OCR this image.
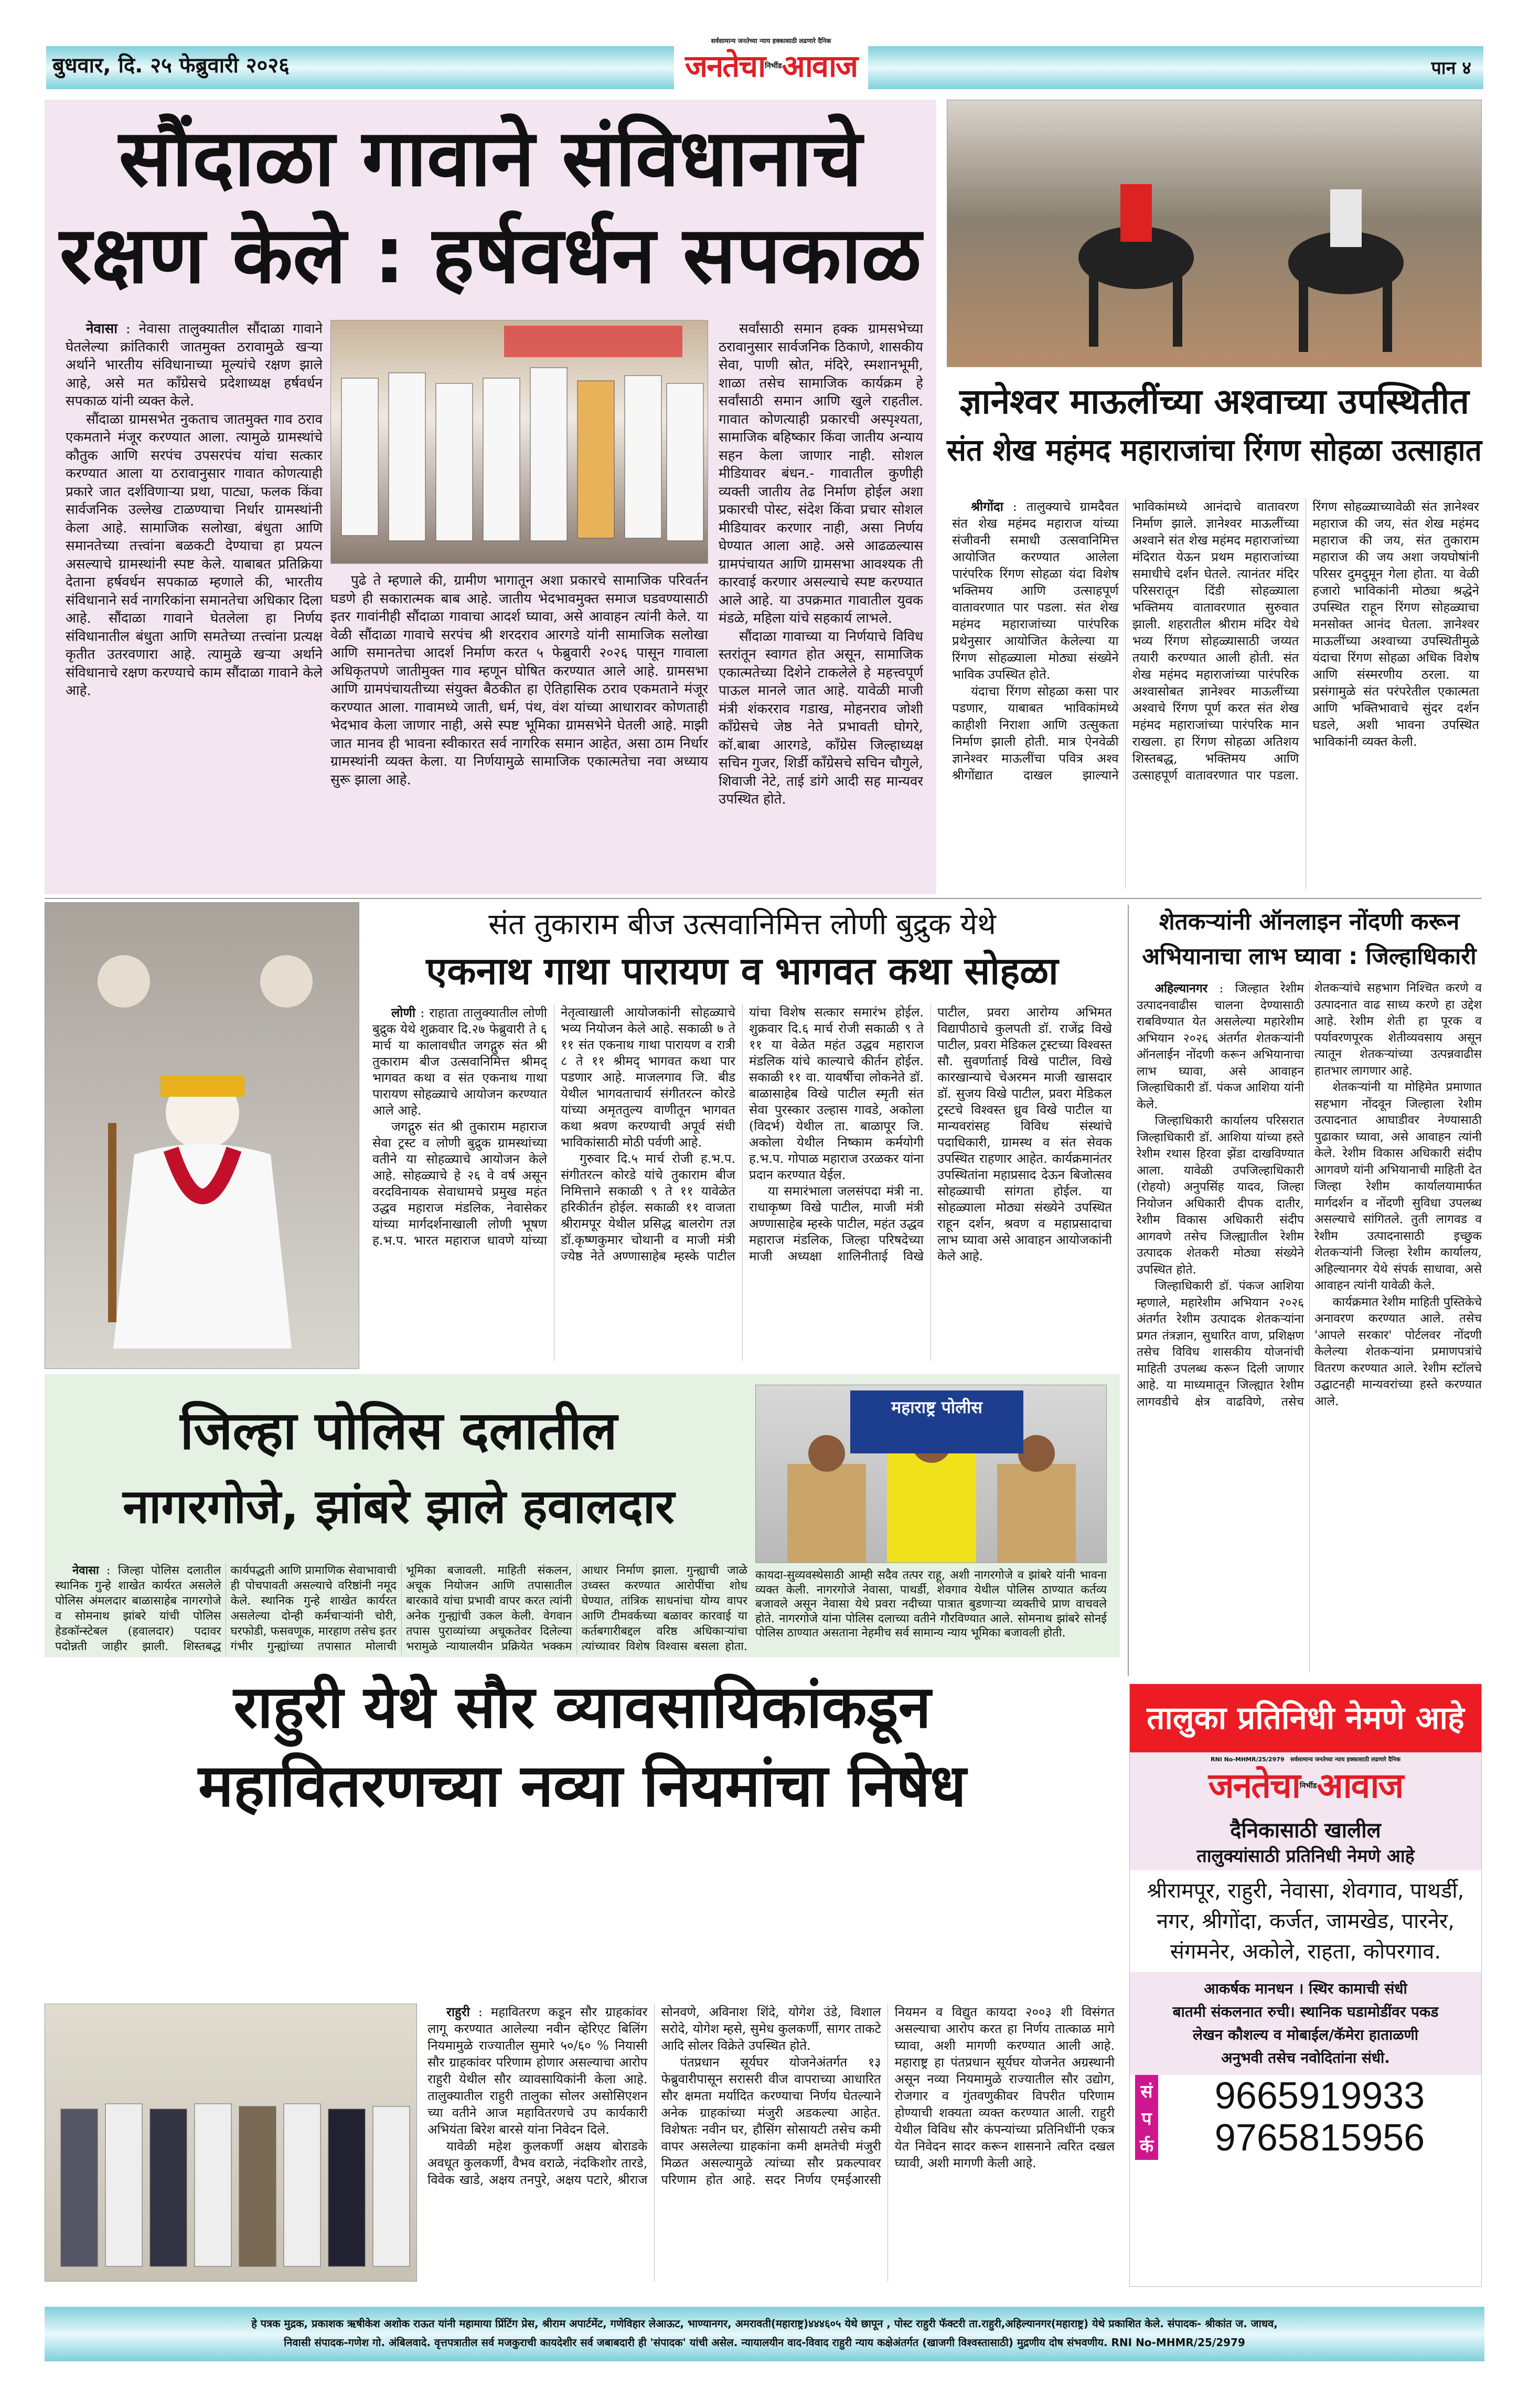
बुधवार, दि. २५ फेब्रुवारी २०२६	पान ४
सर्वसामान्य जनतेच्या न्याय हक्कासाठी लढणारे दैनिक
जनतेचानिर्भीडआवाज
सौंदाळा गावाने संविधानाचे
रक्षण केले : हर्षवर्धन सपकाळ

नेवासा : नेवासा तालुक्यातील सौंदाळा गावाने घेतलेल्या क्रांतिकारी जातमुक्त ठरावामुळे खऱ्या अर्थाने भारतीय संविधानाच्या मूल्यांचे रक्षण झाले आहे, असे मत काँग्रेसचे प्रदेशाध्यक्ष हर्षवर्धन सपकाळ यांनी व्यक्त केले.

सौंदाळा ग्रामसभेत नुकताच जातमुक्त गाव ठराव एकमताने मंजूर करण्यात आला. त्यामुळे ग्रामस्थांचे कौतुक आणि सरपंच उपसरपंच यांचा सत्कार करण्यात आला या ठरावानुसार गावात कोणत्याही प्रकारे जात दर्शविणाऱ्या प्रथा, पाट्या, फलक किंवा सार्वजनिक उल्लेख टाळण्याचा निर्धार ग्रामस्थांनी केला आहे. सामाजिक सलोखा, बंधुता आणि समानतेच्या तत्त्वांना बळकटी देण्याचा हा प्रयत्न असल्याचे ग्रामस्थांनी स्पष्ट केले. याबाबत प्रतिक्रिया देताना हर्षवर्धन सपकाळ म्हणाले की, भारतीय संविधानाने सर्व नागरिकांना समानतेचा अधिकार दिला आहे. सौंदाळा गावाने घेतलेला हा निर्णय संविधानातील बंधुता आणि समतेच्या तत्त्वांना प्रत्यक्ष कृतीत उतरवणारा आहे. त्यामुळे खऱ्या अर्थाने संविधानाचे रक्षण करण्याचे काम सौंदाळा गावाने केले आहे.

पुढे ते म्हणाले की, ग्रामीण भागातून अशा प्रकारचे सामाजिक परिवर्तन घडणे ही सकारात्मक बाब आहे. जातीय भेदभावमुक्त समाज घडवण्यासाठी इतर गावांनीही सौंदाळा गावाचा आदर्श घ्यावा, असे आवाहन त्यांनी केले. या वेळी सौंदाळा गावाचे सरपंच श्री शरदराव आरगडे यांनी सामाजिक सलोखा आणि समानतेचा आदर्श निर्माण करत ५ फेब्रुवारी २०२६ पासून गावाला अधिकृतपणे जातीमुक्त गाव म्हणून घोषित करण्यात आले आहे. ग्रामसभा आणि ग्रामपंचायतीच्या संयुक्त बैठकीत हा ऐतिहासिक ठराव एकमताने मंजूर करण्यात आला. गावामध्ये जाती, धर्म, पंथ, वंश यांच्या आधारावर कोणताही भेदभाव केला जाणार नाही, असे स्पष्ट भूमिका ग्रामसभेने घेतली आहे. माझी जात मानव ही भावना स्वीकारत सर्व नागरिक समान आहेत, असा ठाम निर्धार ग्रामस्थांनी व्यक्त केला. या निर्णयामुळे सामाजिक एकात्मतेचा नवा अध्याय सुरू झाला आहे.

सर्वांसाठी समान हक्क ग्रामसभेच्या ठरावानुसार सार्वजनिक ठिकाणे, शासकीय सेवा, पाणी स्रोत, मंदिरे, स्मशानभूमी, शाळा तसेच सामाजिक कार्यक्रम हे सर्वांसाठी समान आणि खुले राहतील. गावात कोणत्याही प्रकारची अस्पृश्यता, सामाजिक बहिष्कार किंवा जातीय अन्याय सहन केला जाणार नाही. सोशल मीडियावर बंधन.- गावातील कुणीही व्यक्ती जातीय तेढ निर्माण होईल अशा प्रकारची पोस्ट, संदेश किंवा प्रचार सोशल मीडियावर करणार नाही, असा निर्णय घेण्यात आला आहे. असे आढळल्यास ग्रामपंचायत आणि ग्रामसभा आवश्यक ती कारवाई करणार असल्याचे स्पष्ट करण्यात आले आहे. या उपक्रमात गावातील युवक मंडळे, महिला यांचे सहकार्य लाभले.

सौंदाळा गावाच्या या निर्णयाचे विविध स्तरांतून स्वागत होत असून, सामाजिक एकात्मतेच्या दिशेने टाकलेले हे महत्त्वपूर्ण पाऊल मानले जात आहे. यावेळी माजी मंत्री शंकरराव गडाख, मोहनराव जोशी काँग्रेसचे जेष्ठ नेते प्रभावती घोगरे, कॉ.बाबा आरगडे, काँग्रेस जिल्हाध्यक्ष सचिन गुजर, शिर्डी काँग्रेसचे सचिन चौगुले, शिवाजी नेटे, ताई डांगे आदी सह मान्यवर उपस्थित होते.

ज्ञानेश्वर माऊलींच्या अश्वाच्या उपस्थितीत
संत शेख महंमद महाराजांचा रिंगण सोहळा उत्साहात

श्रीगोंदा : तालुक्याचे ग्रामदैवत संत शेख महंमद महाराज यांच्या संजीवनी समाधी उत्सवानिमित्त आयोजित करण्यात आलेला पारंपरिक रिंगण सोहळा यंदा विशेष भक्तिमय आणि उत्साहपूर्ण वातावरणात पार पडला. संत शेख महंमद महाराजांच्या पारंपरिक प्रथेनुसार आयोजित केलेल्या या रिंगण सोहळ्याला मोठ्या संख्येने भाविक उपस्थित होते.

यंदाचा रिंगण सोहळा कसा पार पडणार, याबाबत भाविकांमध्ये काहीशी निराशा आणि उत्सुकता निर्माण झाली होती. मात्र ऐनवेळी ज्ञानेश्वर माऊलींचा पवित्र अश्व श्रीगोंद्यात दाखल झाल्याने भाविकांमध्ये आनंदाचे वातावरण निर्माण झाले. ज्ञानेश्वर माऊलींच्या अश्वाने संत शेख महंमद महाराजांच्या मंदिरात येऊन प्रथम महाराजांच्या समाधीचे दर्शन घेतले. त्यानंतर मंदिर परिसरातून दिंडी सोहळ्याला भक्तिमय वातावरणात सुरुवात झाली. शहरातील श्रीराम मंदिर येथे भव्य रिंगण सोहळ्यासाठी जय्यत तयारी करण्यात आली होती. संत शेख महंमद महाराजांच्या पारंपरिक अश्वासोबत ज्ञानेश्वर माऊलींच्या अश्वाचे रिंगण पूर्ण करत संत शेख महंमद महाराजांच्या पारंपरिक मान राखला. हा रिंगण सोहळा अतिशय शिस्तबद्ध, भक्तिमय आणि उत्साहपूर्ण वातावरणात पार पडला. रिंगण सोहळ्याच्यावेळी संत ज्ञानेश्वर महाराज की जय, संत शेख महंमद महाराज की जय, संत तुकाराम महाराज की जय अशा जयघोषांनी परिसर दुमदुमून गेला होता. या वेळी हजारो भाविकांनी मोठ्या श्रद्धेने उपस्थित राहून रिंगण सोहळ्याचा मनसोक्त आनंद घेतला. ज्ञानेश्वर माऊलींच्या अश्वाच्या उपस्थितीमुळे यंदाचा रिंगण सोहळा अधिक विशेष आणि संस्मरणीय ठरला. या प्रसंगामुळे संत परंपरेतील एकात्मता आणि भक्तिभावाचे सुंदर दर्शन घडले, अशी भावना उपस्थित भाविकांनी व्यक्त केली.

संत तुकाराम बीज उत्सवानिमित्त लोणी बुद्रुक येथे
एकनाथ गाथा पारायण व भागवत कथा सोहळा

लोणी : राहाता तालुक्यातील लोणी बुद्रुक येथे शुक्रवार दि.२७ फेब्रुवारी ते ६ मार्च या कालावधीत जगद्गुरु संत श्री तुकाराम बीज उत्सवानिमित्त श्रीमद् भागवत कथा व संत एकनाथ गाथा पारायण सोहळ्याचे आयोजन करण्यात आले आहे.

जगद्गुरु संत श्री तुकाराम महाराज सेवा ट्रस्ट व लोणी बुद्रुक ग्रामस्थांच्या वतीने या सोहळ्याचे आयोजन केले आहे. सोहळ्याचे हे २६ वे वर्ष असून वरदविनायक सेवाधामचे प्रमुख महंत उद्धव महाराज मंडलिक, नेवासेकर यांच्या मार्गदर्शनाखाली लोणी भूषण ह.भ.प. भारत महाराज धावणे यांच्या नेतृत्वाखाली आयोजकांनी सोहळ्याचे भव्य नियोजन केले आहे. सकाळी ७ ते ११ संत एकनाथ गाथा पारायण व रात्री ८ ते ११ श्रीमद् भागवत कथा पार पडणार आहे. माजलगाव जि. बीड येथील भागवताचार्य संगीतरत्न कोरडे यांच्या अमृततुल्य वाणीतून भागवत कथा श्रवण करण्याची अपूर्व संधी भाविकांसाठी मोठी पर्वणी आहे.

गुरुवार दि.५ मार्च रोजी ह.भ.प. संगीतरत्न कोरडे यांचे तुकाराम बीज निमित्ताने सकाळी ९ ते ११ यावेळेत हरिकीर्तन होईल. सकाळी ११ वाजता श्रीरामपूर येथील प्रसिद्ध बालरोग तज्ञ डॉ.कृष्णकुमार चोथानी व माजी मंत्री ज्येष्ठ नेते अण्णासाहेब म्हस्के पाटील यांचा विशेष सत्कार समारंभ होईल. शुक्रवार दि.६ मार्च रोजी सकाळी ९ ते ११ या वेळेत महंत उद्धव महाराज मंडलिक यांचे काल्याचे कीर्तन होईल. सकाळी ११ वा. यावर्षीचा लोकनेते डॉ. बाळासाहेब विखे पाटील स्मृती संत सेवा पुरस्कार उल्हास गावडे, अकोला (विदर्भ) येथील ता. बाळापूर जि. अकोला येथील निष्काम कर्मयोगी ह.भ.प. गोपाळ महाराज उरळकर यांना प्रदान करण्यात येईल.

या समारंभाला जलसंपदा मंत्री ना. राधाकृष्ण विखे पाटील, माजी मंत्री अण्णासाहेब म्हस्के पाटील, महंत उद्धव महाराज मंडलिक, जिल्हा परिषदेच्या माजी अध्यक्षा शालिनीताई विखे पाटील, प्रवरा आरोग्य अभिमत विद्यापीठाचे कुलपती डॉ. राजेंद्र विखे पाटील, प्रवरा मेडिकल ट्रस्टच्या विश्वस्त सौ. सुवर्णाताई विखे पाटील, विखे कारखान्याचे चेअरमन माजी खासदार डॉ. सुजय विखे पाटील, प्रवरा मेडिकल ट्रस्टचे विश्वस्त ध्रुव विखे पाटील या मान्यवरांसह विविध संस्थांचे पदाधिकारी, ग्रामस्थ व संत सेवक उपस्थित राहणार आहेत. कार्यक्रमानंतर उपस्थितांना महाप्रसाद देऊन बिजोत्सव सोहळ्याची सांगता होईल. या सोहळ्याला मोठ्या संख्येने उपस्थित राहून दर्शन, श्रवण व महाप्रसादाचा लाभ घ्यावा असे आवाहन आयोजकांनी केले आहे.

शेतकऱ्यांनी ऑनलाइन नोंदणी करून
अभियानाचा लाभ घ्यावा : जिल्हाधिकारी

अहिल्यानगर : जिल्हात रेशीम उत्पादनवाढीस चालना देण्यासाठी राबविण्यात येत असलेल्या महारेशीम अभियान २०२६ अंतर्गत शेतकऱ्यांनी ऑनलाईन नोंदणी करून अभियानाचा लाभ घ्यावा, असे आवाहन जिल्हाधिकारी डॉ. पंकज आशिया यांनी केले.

जिल्हाधिकारी कार्यालय परिसरात जिल्हाधिकारी डॉ. आशिया यांच्या हस्ते रेशीम रथास हिरवा झेंडा दाखविण्यात आला. यावेळी उपजिल्हाधिकारी (रोहयो) अनुपसिंह यादव, जिल्हा नियोजन अधिकारी दीपक दातीर, रेशीम विकास अधिकारी संदीप आगवणे तसेच जिल्ह्यातील रेशीम उत्पादक शेतकरी मोठ्या संख्येने उपस्थित होते.

जिल्हाधिकारी डॉ. पंकज आशिया म्हणाले, महारेशीम अभियान २०२६ अंतर्गत रेशीम उत्पादक शेतकऱ्यांना प्रगत तंत्रज्ञान, सुधारित वाण, प्रशिक्षण तसेच विविध शासकीय योजनांची माहिती उपलब्ध करून दिली जाणार आहे. या माध्यमातून जिल्ह्यात रेशीम लागवडीचे क्षेत्र वाढविणे, तसेच शेतकऱ्यांचे सहभाग निश्चित करणे व उत्पादनात वाढ साध्य करणे हा उद्देश आहे. रेशीम शेती हा पूरक व पर्यावरणपूरक शेतीव्यवसाय असून त्यातून शेतकऱ्यांच्या उत्पन्नवाढीस हातभार लागणार आहे.

शेतकऱ्यांनी या मोहिमेत प्रमाणात सहभाग नोंदवून जिल्हाला रेशीम उत्पादनात आघाडीवर नेण्यासाठी पुढाकार घ्यावा, असे आवाहन त्यांनी केले. रेशीम विकास अधिकारी संदीप आगवणे यांनी अभियानाची माहिती देत जिल्हा रेशीम कार्यालयामार्फत मार्गदर्शन व नोंदणी सुविधा उपलब्ध असल्याचे सांगितले. तुती लागवड व रेशीम उत्पादनासाठी इच्छुक शेतकऱ्यांनी जिल्हा रेशीम कार्यालय, अहिल्यानगर येथे संपर्क साधावा, असे आवाहन त्यांनी यावेळी केले.

कार्यक्रमात रेशीम माहिती पुस्तिकेचे अनावरण करण्यात आले. तसेच 'आपले सरकार' पोर्टलवर नोंदणी केलेल्या शेतकऱ्यांना प्रमाणपत्रांचे वितरण करण्यात आले. रेशीम स्टॉलचे उद्घाटनही मान्यवरांच्या हस्ते करण्यात आले.

जिल्हा पोलिस दलातील
नागरगोजे, झांबरे झाले हवालदार
महाराष्ट्र पोलीस
कायदा-सुव्यवस्थेसाठी आम्ही सदैव तत्पर राहू, अशी नागरगोजे व झांबरे यांनी भावना व्यक्त केली. नागरगोजे नेवासा, पाथर्डी, शेवगाव येथील पोलिस ठाण्यात कर्तव्य बजावले असून नेवासा येथे प्रवरा नदीच्या पात्रात बुडणाऱ्या व्यक्तीचे प्राण वाचवले होते. नागरगोजे यांना पोलिस दलाच्या वतीने गौरविण्यात आले. सोमनाथ झांबरे सोनई पोलिस ठाण्यात असताना नेहमीच सर्व सामान्य न्याय भूमिका बजावली होती.

नेवासा : जिल्हा पोलिस दलातील स्थानिक गुन्हे शाखेत कार्यरत असलेले पोलिस अंमलदार बाळासाहेब नागरगोजे व सोमनाथ झांबरे यांची पोलिस हेडकॉन्स्टेबल (हवालदार) पदावर पदोन्नती जाहीर झाली. शिस्तबद्ध कार्यपद्धती आणि प्रामाणिक सेवाभावाची ही पोचपावती असल्याचे वरिष्ठांनी नमूद केले. स्थानिक गुन्हे शाखेत कार्यरत असलेल्या दोन्ही कर्मचाऱ्यांनी चोरी, घरफोडी, फसवणूक, मारहाण तसेच इतर गंभीर गुन्ह्यांच्या तपासात मोलाची भूमिका बजावली. माहिती संकलन, अचूक नियोजन आणि तपासातील बारकावे यांचा प्रभावी वापर करत त्यांनी अनेक गुन्ह्यांची उकल केली. वेगवान तपास पुराव्यांच्या अचूकतेवर दिलेल्या भरामुळे न्यायालयीन प्रक्रियेत भक्कम आधार निर्माण झाला. गुन्ह्याची जाळे उध्वस्त करण्यात आरोपींचा शोध घेण्यात, तांत्रिक साधनांचा योग्य वापर आणि टीमवर्कच्या बळावर कारवाई या कर्तबगारीबद्दल वरिष्ठ अधिकाऱ्यांचा त्यांच्यावर विशेष विश्वास बसला होता.

राहुरी येथे सौर व्यावसायिकांकडून
महावितरणच्या नव्या नियमांचा निषेध

राहुरी : महावितरण कडून सौर ग्राहकांवर लागू करण्यात आलेल्या नवीन व्हेरिएट बिलिंग नियमामुळे राज्यातील सुमारे ५०/६० % नियासी सौर ग्राहकांवर परिणाम होणार असल्याचा आरोप राहुरी येथील सौर व्यावसायिकांनी केला आहे. तालुक्यातील राहुरी तालुका सोलर असोसिएशन च्या वतीने आज महावितरणचे उप कार्यकारी अभियंता बिरेश बारसे यांना निवेदन दिले.

यावेळी महेश कुलकर्णी अक्षय बोराडके अवधूत कुलकर्णी, वैभव वराळे, नंदकिशोर तारडे, विवेक खाडे, अक्षय तनपुरे, अक्षय पटारे, श्रीराज सोनवणे, अविनाश शिंदे, योगेश उंडे, विशाल सरोदे, योगेश म्हसे, सुमेध कुलकर्णी, सागर ताकटे आदि सोलर विक्रेते उपस्थित होते.

पंतप्रधान सूर्यघर योजनेअंतर्गत १३ फेब्रुवारीपासून सरासरी वीज वापराच्या आधारित सौर क्षमता मर्यादित करण्याचा निर्णय घेतल्याने अनेक ग्राहकांच्या मंजुरी अडकल्या आहेत. विशेषतः नवीन घर, हौसिंग सोसायटी तसेच कमी वापर असलेल्या ग्राहकांना कमी क्षमतेची मंजुरी मिळत असल्यामुळे त्यांच्या सौर प्रकल्पावर परिणाम होत आहे. सदर निर्णय एमईआरसी नियमन व विद्युत कायदा २००३ शी विसंगत असल्याचा आरोप करत हा निर्णय तात्काळ मागे घ्यावा, अशी मागणी करण्यात आली आहे. महाराष्ट्र हा पंतप्रधान सूर्यघर योजनेत अग्रस्थानी असून नव्या नियमामुळे राज्यातील सौर उद्योग, रोजगार व गुंतवणुकीवर विपरीत परिणाम होण्याची शक्यता व्यक्त करण्यात आली. राहुरी येथील विविध सौर कंपन्यांच्या प्रतिनिधींनी एकत्र येत निवेदन सादर करून शासनाने त्वरित दखल घ्यावी, अशी मागणी केली आहे.

तालुका प्रतिनिधी नेमणे आहे
RNI No-MHMR/25/2979 सर्वसामान्य जनतेच्या न्याय हक्कासाठी लढणारे दैनिक
जनतेचानिर्भीडआवाज
दैनिकासाठी खालील
तालुक्यांसाठी प्रतिनिधी नेमणे आहे
श्रीरामपूर, राहुरी, नेवासा, शेवगाव, पाथर्डी, नगर, श्रीगोंदा, कर्जत, जामखेड, पारनेर, संगमनेर, अकोले, राहता, कोपरगाव.
आकर्षक मानधन । स्थिर कामाची संधी
बातमी संकलनात रुची। स्थानिक घडामोडींवर पकड
लेखन कौशल्य व मोबाईल/कॅमेरा हाताळणी
अनुभवी तसेच नवोदितांना संधी.
सं
प
र्क
9665919933
9765815956
हे पत्रक मुद्रक, प्रकाशक ऋषीकेश अशोक राऊत यांनी महामाया प्रिंटिंग प्रेस, श्रीराम अपार्टमेंट, गणेविहार लेआऊट, भाण्यानगर, अमरावती(महाराष्ट्र)४४४६०५ येथे छापून , पोस्ट राहुरी फॅक्टरी ता.राहुरी,अहिल्यानगर(महाराष्ट्र) येथे प्रकाशित केले. संपादक- श्रीकांत ज. जाधव,
निवासी संपादक-गणेश गो. अंबिलवादे. वृत्तपत्रातील सर्व मजकुराची कायदेशीर सर्व जबाबदारी ही 'संपादक' यांची असेल. न्यायालयीन वाद-विवाद राहुरी न्याय कक्षेअंतर्गत (खाजगी विश्वस्तासाठी) मुद्रणीय दोष संभवणीय. RNI No-MHMR/25/2979
